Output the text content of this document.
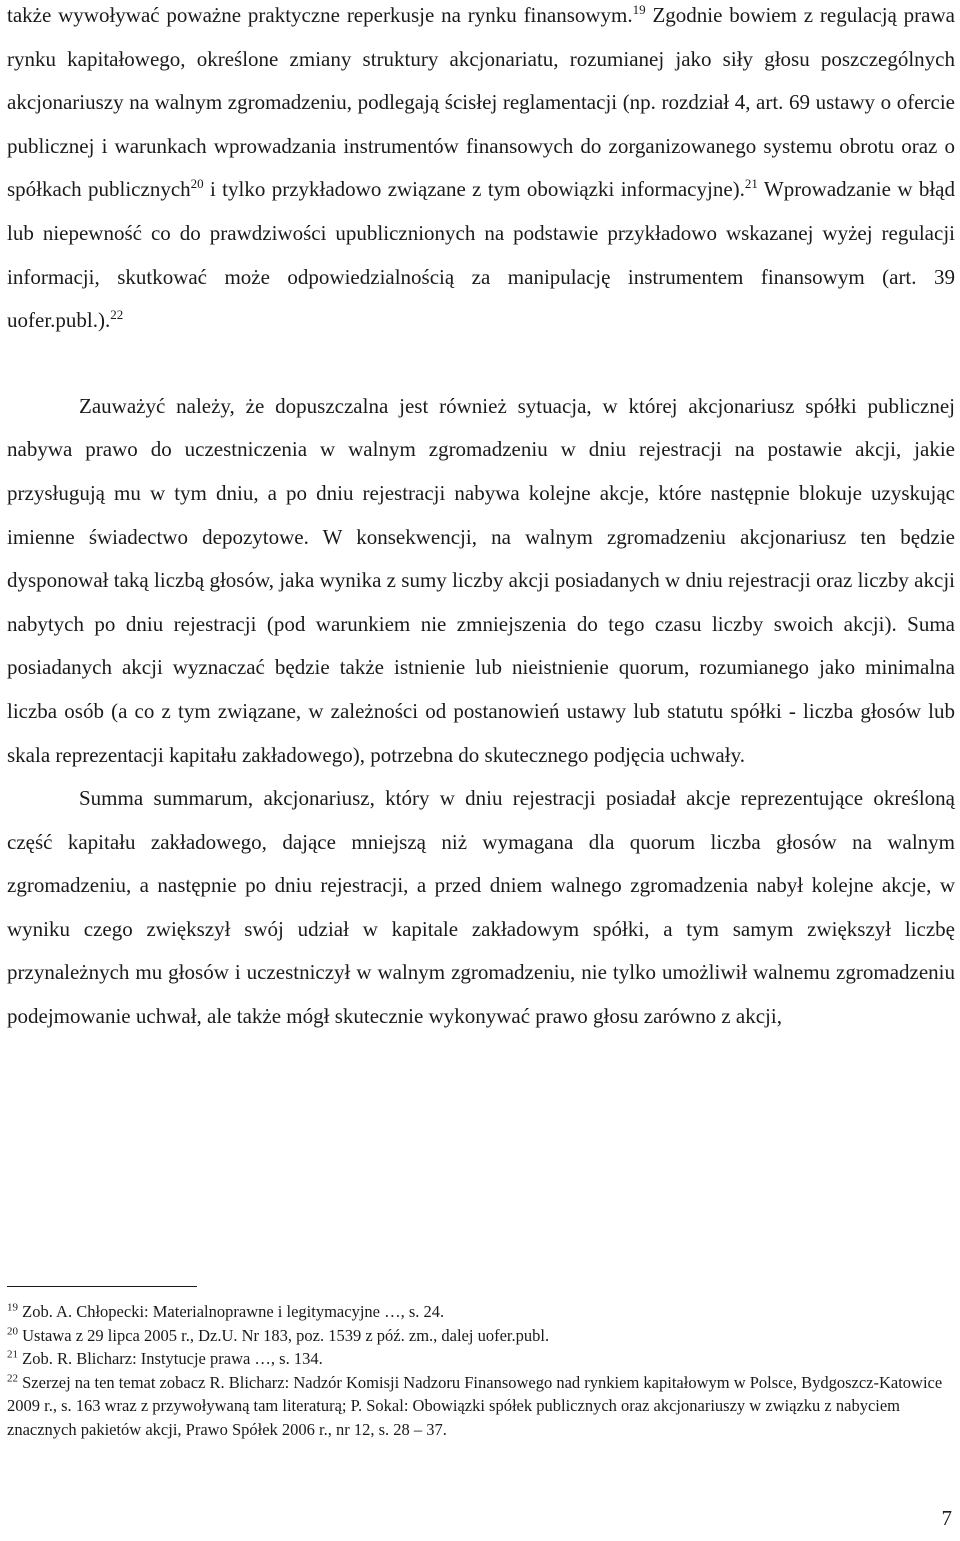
także wywoływać poważne praktyczne reperkusje na rynku finansowym.$^{19}$ Zgodnie bowiem z regulacją prawa rynku kapitałowego, określone zmiany struktury akcjonariatu, rozumianej jako siły głosu poszczególnych akcjonariuszy na walnym zgromadzeniu, podlegają ścisłej reglamentacji (np. rozdział 4, art. 69 ustawy o ofercie publicznej i warunkach wprowadzania instrumentów finansowych do zorganizowanego systemu obrotu oraz o spółkach publicznych$^{20}$ i tylko przykładowo związane z tym obowiązki informacyjne).$^{21}$ Wprowadzanie w błąd lub niepewność co do prawdziwości upublicznionych na podstawie przykładowo wskazanej wyżej regulacji informacji, skutkować może odpowiedzialnością za manipulację instrumentem finansowym (art. 39 uofer.publ.).$^{22}$

Zauważyć należy, że dopuszczalna jest również sytuacja, w której akcjonariusz spółki publicznej nabywa prawo do uczestniczenia w walnym zgromadzeniu w dniu rejestracji na postawie akcji, jakie przysługują mu w tym dniu, a po dniu rejestracji nabywa kolejne akcje, które następnie blokuje uzyskując imienne świadectwo depozytowe. W konsekwencji, na walnym zgromadzeniu akcjonariusz ten będzie dysponował taką liczbą głosów, jaka wynika z sumy liczby akcji posiadanych w dniu rejestracji oraz liczby akcji nabytych po dniu rejestracji (pod warunkiem nie zmniejszenia do tego czasu liczby swoich akcji). Suma posiadanych akcji wyznaczać będzie także istnienie lub nieistnienie quorum, rozumianego jako minimalna liczba osób (a co z tym związane, w zależności od postanowień ustawy lub statutu spółki - liczba głosów lub skala reprezentacji kapitału zakładowego), potrzebna do skutecznego podjęcia uchwały.

Summa summarum, akcjonariusz, który w dniu rejestracji posiadał akcje reprezentujące określoną część kapitału zakładowego, dające mniejszą niż wymagana dla quorum liczba głosów na walnym zgromadzeniu, a następnie po dniu rejestracji, a przed dniem walnego zgromadzenia nabył kolejne akcje, w wyniku czego zwiększył swój udział w kapitale zakładowym spółki, a tym samym zwiększył liczbę przynależnych mu głosów i uczestniczył w walnym zgromadzeniu, nie tylko umożliwił walnemu zgromadzeniu podejmowanie uchwał, ale także mógł skutecznie wykonywać prawo głosu zarówno z akcji,

$^{19}$ Zob. A. Chłopecki: Materialnoprawne i legitymacyjne …, s. 24.

$^{20}$ Ustawa z 29 lipca 2005 r., Dz.U. Nr 183, poz. 1539 z póź. zm., dalej uofer.publ.

$^{21}$ Zob. R. Blicharz: Instytucje prawa …, s. 134.

$^{22}$ Szerzej na ten temat zobacz R. Blicharz: Nadzór Komisji Nadzoru Finansowego nad rynkiem kapitałowym w Polsce, Bydgoszcz-Katowice 2009 r., s. 163 wraz z przywoływaną tam literaturą; P. Sokal: Obowiązki spółek publicznych oraz akcjonariuszy w związku z nabyciem znacznych pakietów akcji, Prawo Spółek 2006 r., nr 12, s. 28 – 37.

7
